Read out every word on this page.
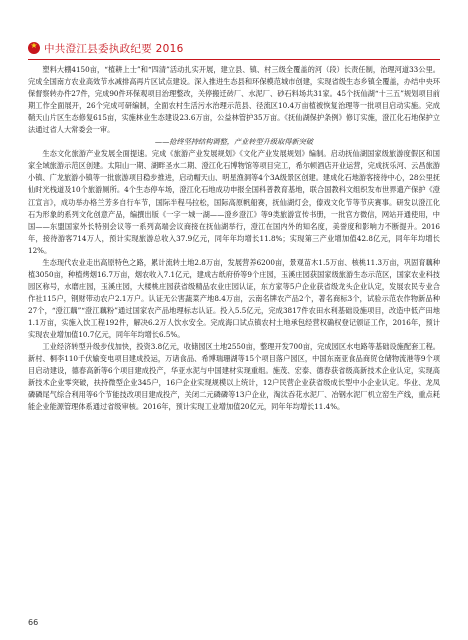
★
中共澄江县委执政纪要 2016

塑料大棚4150亩，“植耕上士”和“四清”活动扎实开展，建立县、镇、村三级全覆盖的河（段）长责任制，治理河道33公里。完成全国南方农业高效节水减排高再片区试点建设。深入推进生态县和环保模范城市创建，实现省级生态乡镇全覆盖，办结中央环保督察转办件27件，完成90件环保观项目治理整改，关停搬迁砖厂、水泥厂、砂石料场共31家。45个抚仙湖“十三五”规划项目前期工作全面展开，26个完成可研编制，全面农村生活污水治理示范县、径流区10.4万亩植被恢复治理等一批项目启动实施。完成鞘天山片区生态修复615亩，实施林业生态建设23.6万亩，公益林管护35万亩。《抚仙湖保护条例》修订实施，澄江化石地保护立法通过省人大常委会一审。

——抢终坚持结构调整，产业转型升级取得新突破

生态文化旅游产业发展全面提速。完成《旅游产业发展规划》《文化产业发展规划》编制。启动抚仙湖国家级旅游度假区和国家全域旅游示范区创建。太阳山一期、湖畔圣水二期、澄江化石博物馆等项目完工，希尔顿酒店开业运营，完成抚乐河、云昌旅游小镇、广龙旅游小镇等一批旅游项目稳步推进，启动帽天山、明星渔洞等4个3A级景区创建。建成化石地游客接待中心，28公里抚仙时光栈道及10个旅游厕所。4个生态停车场，澄江化石地成功申报全国科普教育基地，联合国教科文组织发布世界遗产保护《澄江宣言》，成功举办格兰芳多自行车节，国际半程马拉松，国际高原帆船赛，抚仙湖灯会，傣戏文化节等节庆赛事。研发以澄江化石为形象的系列文化创意产品，编撰出版《一字一城一湖——澄乡澄江》等9类旅游宣传书册，一批官方微信，网站开通使用，中国——东盟国家外长特别会议等一系列高端会议商接在抚仙湖举行，澄江在国内外的知名度，美誉度和影响力不断提升。2016年，接待游客714万人，预计实现旅游总收入37.9亿元，同年年均增长11.8%；实现第三产业增加值42.8亿元，同年年均增长12%。

生态现代农业走出高原特色之路，累计流转土地2.8万亩，发展营养6200亩，景观苗木1.5万亩、核桃11.3万亩，巩固育藕种植3050亩，种植烤烟16.7万亩，烟农收入7.1亿元，建成古纸府侨等9个庄园，玉溪庄园获国家级旅游生态示范区，国家农业科技园区称号，水磨庄园，玉溪庄园，大楼桃庄园获省级精品农业庄园认证，东方家等5户企业获省级龙头企业认定，发展农民专业合作社115户，钢财带动农户2.1万户。认证无公害蔬菜产地8.4万亩，云南名牌农产品2个，著名商标3个，试验示范农作物新品种27个，“澄江藕”“澄江藕粉”通过国家农产品地理标志认证。投入5.5亿元，完成3817件农田水利基础设施项目，改造中低产田地1.1万亩，实施入饮工程192件，解决6.2万人饮水安全。完成海口试点镇农村土地承包经营权确权登记颁证工作，2016年，预计实现农业增加值10.7亿元，同年年均增长6.5%。

工业经济转型升级步伐加快，投资3.8亿元，收储园区土地2550亩，整理开发700亩，完成园区水电路等基础设施配套工程。新村、桐李110千伏输变电项目建成投运，万诸食品、希博瑞珊湖等15个项目落户园区，中国东南亚食品商贸仓储物流港等9个项目启动建设，德春高新等6个项目建成投产，华亚水泥与中国建材实现重组。施茂、宏泰、德春获省级高新技术企业认定，实现高新技术企业零突破，扶持微型企业345户，16户企业实现规模以上统计，12户民营企业获省级成长型中小企业认定。华业、龙凤磷磷尾气综合利用等6个节能技改项目建成投产，关闭二元磷磷等13户企业，淘汰吞花水泥厂、冶钢水泥厂机立窑生产线，重点耗能企业能源管理体系通过省级审核。2016年，预计实现工业增加值20亿元，同年年均增长11.4%。

66
